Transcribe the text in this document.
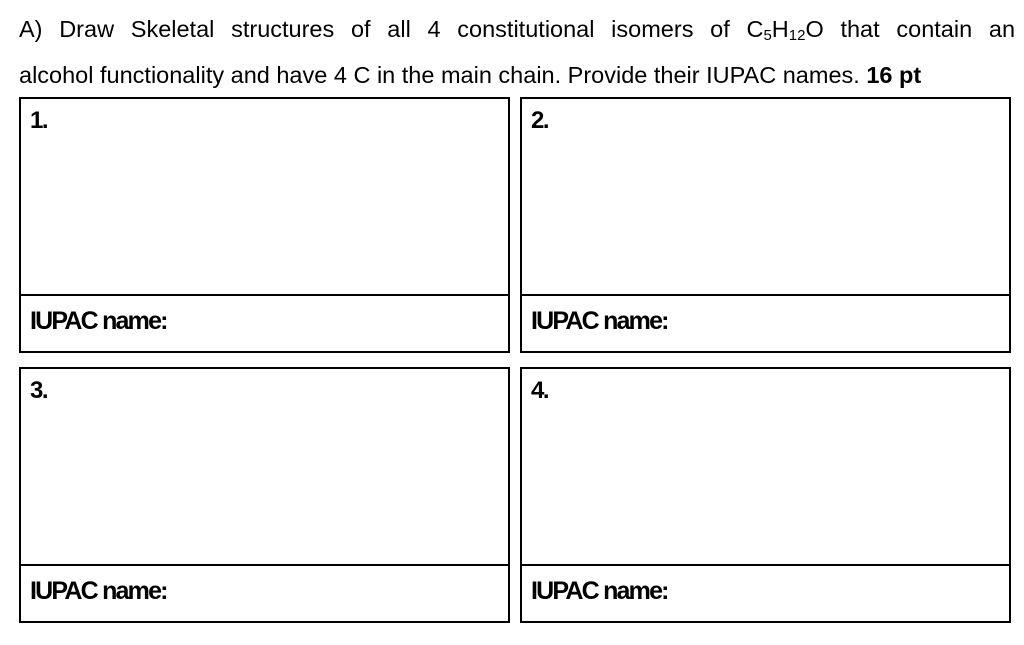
A) Draw Skeletal structures of all 4 constitutional isomers of $C_5H_{12}O$ that contain an
alcohol functionality and have 4 C in the main chain. Provide their IUPAC names. 16 pt
1.
IUPAC name:
2.
IUPAC name:
3.
IUPAC name:
4.
IUPAC name:
